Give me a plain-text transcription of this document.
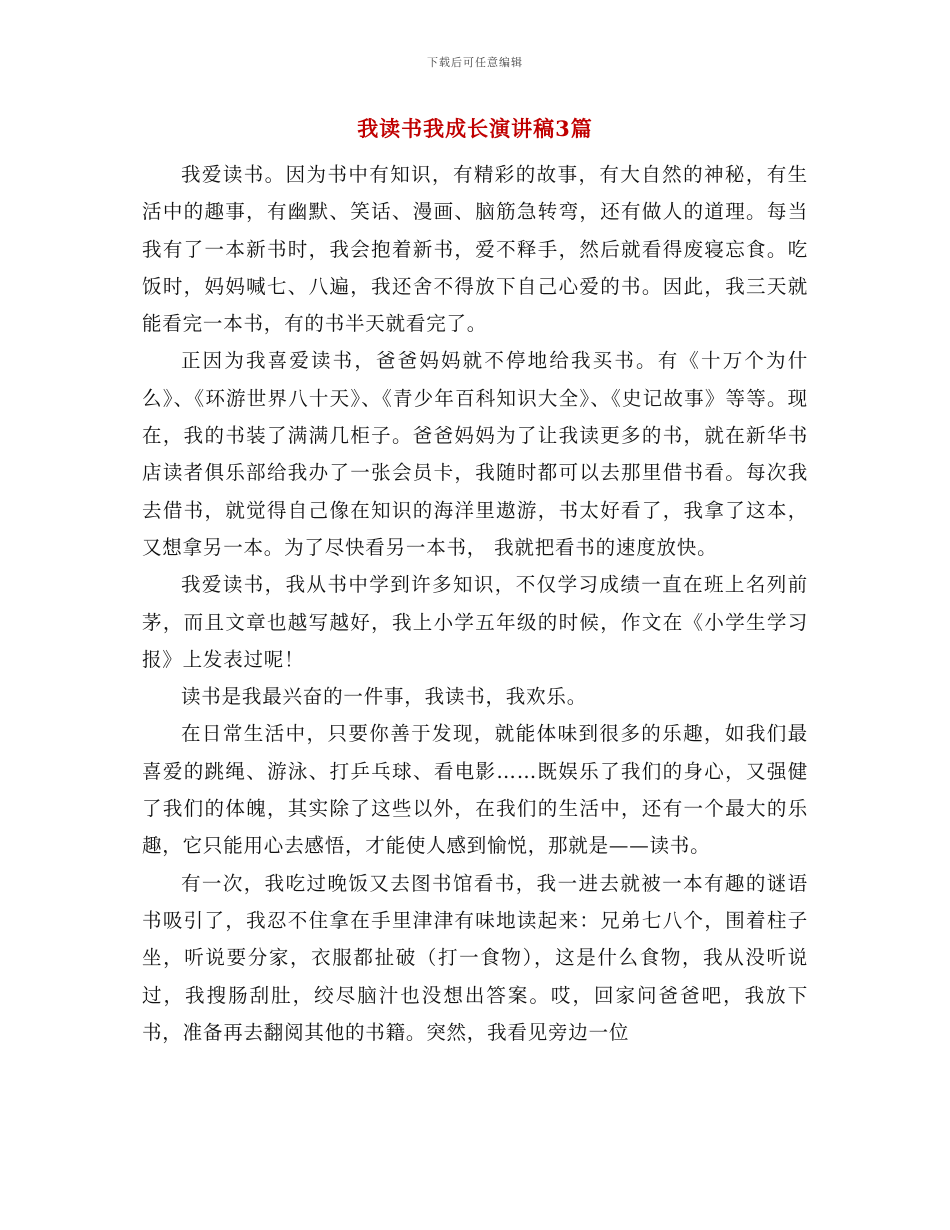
下载后可任意编辑
我读书我成长演讲稿3篇

我爱读书。因为书中有知识，有精彩的故事，有大自然的神秘，有生活中的趣事，有幽默、笑话、漫画、脑筋急转弯，还有做人的道理。每当我有了一本新书时，我会抱着新书，爱不释手，然后就看得废寝忘食。吃饭时，妈妈喊七、八遍，我还舍不得放下自己心爱的书。因此，我三天就能看完一本书，有的书半天就看完了。

正因为我喜爱读书，爸爸妈妈就不停地给我买书。有《十万个为什么》、《环游世界八十天》、《青少年百科知识大全》、《史记故事》等等。现在，我的书装了满满几柜子。爸爸妈妈为了让我读更多的书，就在新华书店读者俱乐部给我办了一张会员卡，我随时都可以去那里借书看。每次我去借书，就觉得自己像在知识的海洋里遨游，书太好看了，我拿了这本，又想拿另一本。为了尽快看另一本书， 我就把看书的速度放快。

我爱读书，我从书中学到许多知识，不仅学习成绩一直在班上名列前茅，而且文章也越写越好，我上小学五年级的时候，作文在《小学生学习报》上发表过呢！

读书是我最兴奋的一件事，我读书，我欢乐。

在日常生活中，只要你善于发现，就能体味到很多的乐趣，如我们最喜爱的跳绳、游泳、打乒乓球、看电影……既娱乐了我们的身心，又强健了我们的体魄，其实除了这些以外，在我们的生活中，还有一个最大的乐趣，它只能用心去感悟，才能使人感到愉悦，那就是——读书。

有一次，我吃过晚饭又去图书馆看书，我一进去就被一本有趣的谜语书吸引了，我忍不住拿在手里津津有味地读起来：兄弟七八个，围着柱子坐，听说要分家，衣服都扯破（打一食物），这是什么食物，我从没听说过，我搜肠刮肚，绞尽脑汁也没想出答案。哎，回家问爸爸吧，我放下书，准备再去翻阅其他的书籍。突然，我看见旁边一位
